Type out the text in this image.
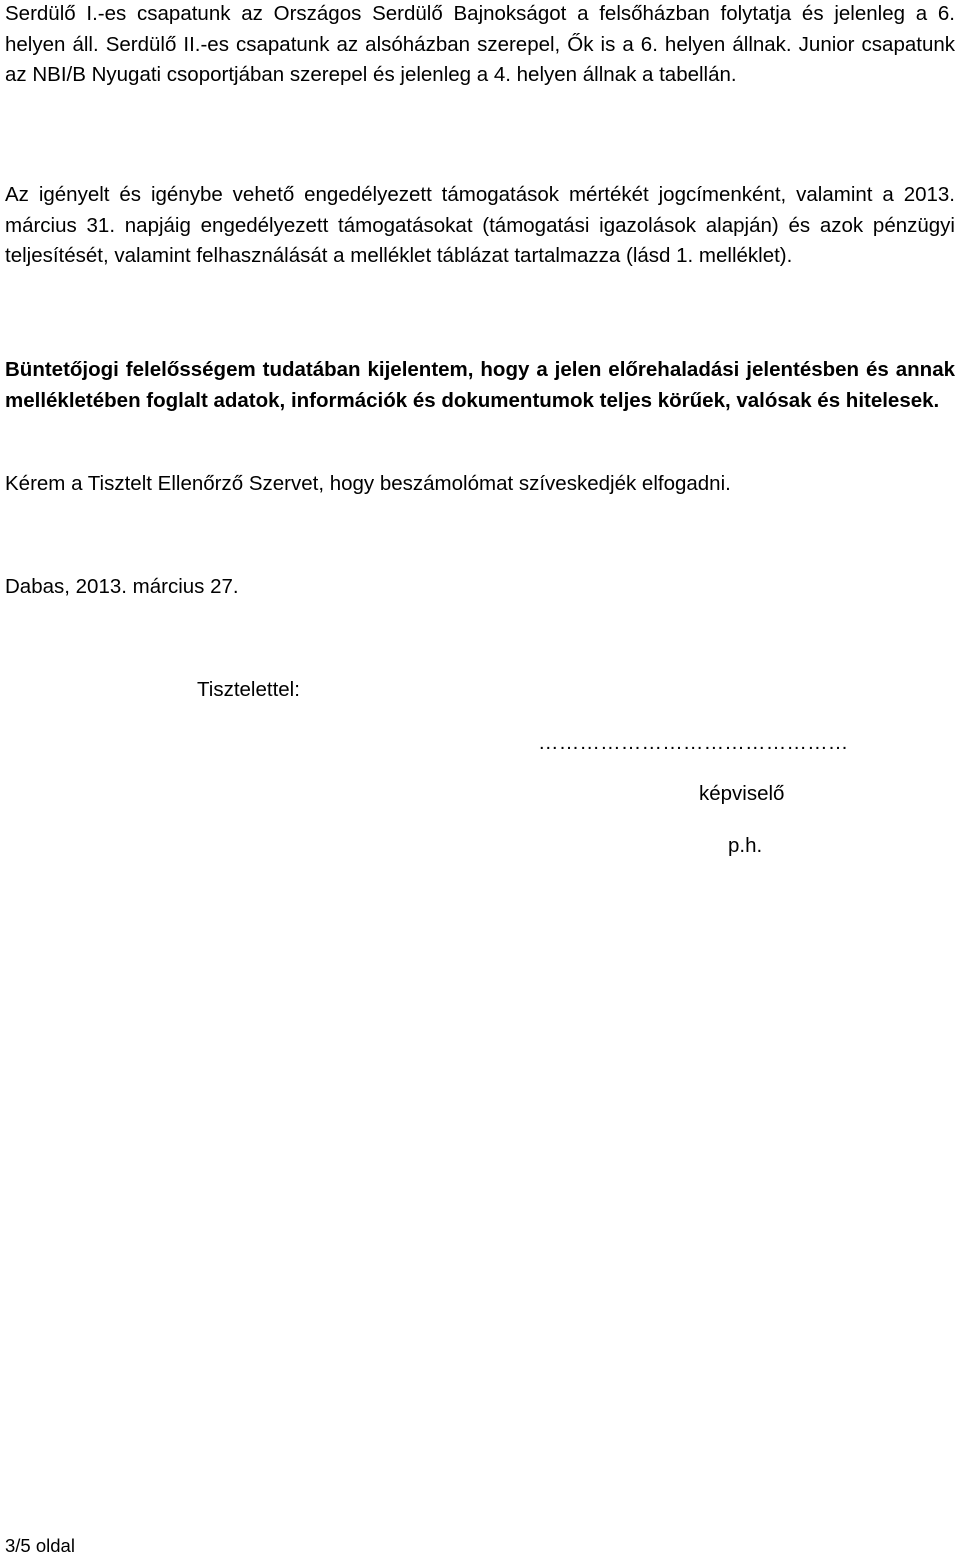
Serdülő I.-es csapatunk az Országos Serdülő Bajnokságot a felsőházban folytatja és jelenleg a 6. helyen áll. Serdülő II.-es csapatunk az alsóházban szerepel, Ők is a 6. helyen állnak. Junior csapatunk az NBI/B Nyugati csoportjában szerepel és jelenleg a 4. helyen állnak a tabellán.

Az igényelt és igénybe vehető engedélyezett támogatások mértékét jogcímenként, valamint a 2013. március 31. napjáig engedélyezett támogatásokat (támogatási igazolások alapján) és azok pénzügyi teljesítését, valamint felhasználását a melléklet táblázat tartalmazza (lásd 1. melléklet).

Büntetőjogi felelősségem tudatában kijelentem, hogy a jelen előrehaladási jelentésben és annak mellékletében foglalt adatok, információk és dokumentumok teljes körűek, valósak és hitelesek.

Kérem a Tisztelt Ellenőrző Szervet, hogy beszámolómat szíveskedjék elfogadni.

Dabas, 2013. március 27.

Tisztelettel:

………………………………………

képviselő

p.h.

3/5 oldal
